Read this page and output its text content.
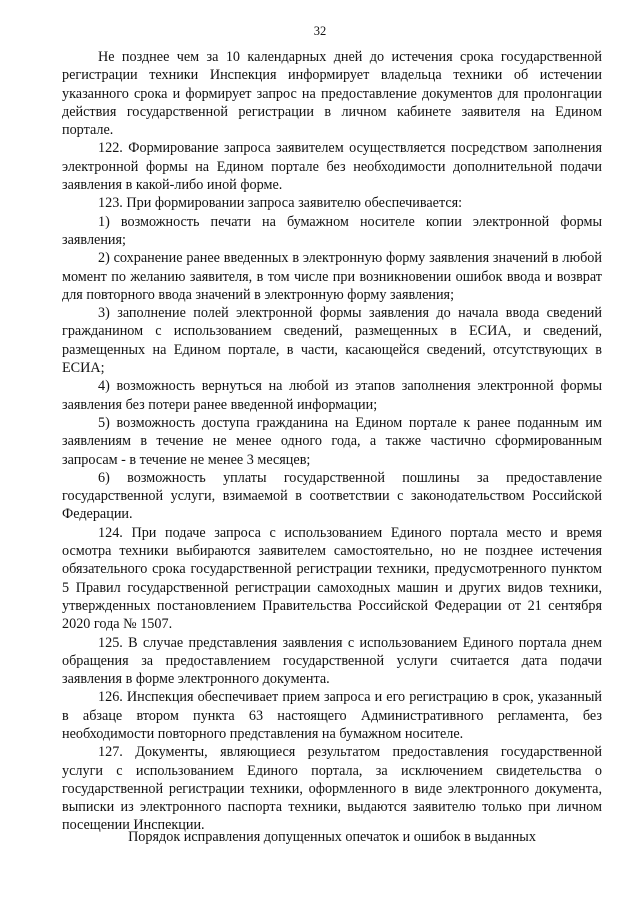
32

Не позднее чем за 10 календарных дней до истечения срока государственной регистрации техники Инспекция информирует владельца техники об истечении указанного срока и формирует запрос на предоставление документов для пролонгации действия государственной регистрации в личном кабинете заявителя на Едином портале.

122. Формирование запроса заявителем осуществляется посредством заполнения электронной формы на Едином портале без необходимости дополнительной подачи заявления в какой-либо иной форме.

123. При формировании запроса заявителю обеспечивается:

1) возможность печати на бумажном носителе копии электронной формы заявления;

2) сохранение ранее введенных в электронную форму заявления значений в любой момент по желанию заявителя, в том числе при возникновении ошибок ввода и возврат для повторного ввода значений в электронную форму заявления;

3) заполнение полей электронной формы заявления до начала ввода сведений гражданином с использованием сведений, размещенных в ЕСИА, и сведений, размещенных на Едином портале, в части, касающейся сведений, отсутствующих в ЕСИА;

4) возможность вернуться на любой из этапов заполнения электронной формы заявления без потери ранее введенной информации;

5) возможность доступа гражданина на Едином портале к ранее поданным им заявлениям в течение не менее одного года, а также частично сформированным запросам - в течение не менее 3 месяцев;

6) возможность уплаты государственной пошлины за предоставление государственной услуги, взимаемой в соответствии с законодательством Российской Федерации.

124. При подаче запроса с использованием Единого портала место и время осмотра техники выбираются заявителем самостоятельно, но не позднее истечения обязательного срока государственной регистрации техники, предусмотренного пунктом 5 Правил государственной регистрации самоходных машин и других видов техники, утвержденных постановлением Правительства Российской Федерации от 21 сентября 2020 года № 1507.

125. В случае представления заявления с использованием Единого портала днем обращения за предоставлением государственной услуги считается дата подачи заявления в форме электронного документа.

126. Инспекция обеспечивает прием запроса и его регистрацию в срок, указанный в абзаце втором пункта 63 настоящего Административного регламента, без необходимости повторного представления на бумажном носителе.

127. Документы, являющиеся результатом предоставления государственной услуги с использованием Единого портала, за исключением свидетельства о государственной регистрации техники, оформленного в виде электронного документа, выписки из электронного паспорта техники, выдаются заявителю только при личном посещении Инспекции.

Порядок исправления допущенных опечаток и ошибок в выданных
